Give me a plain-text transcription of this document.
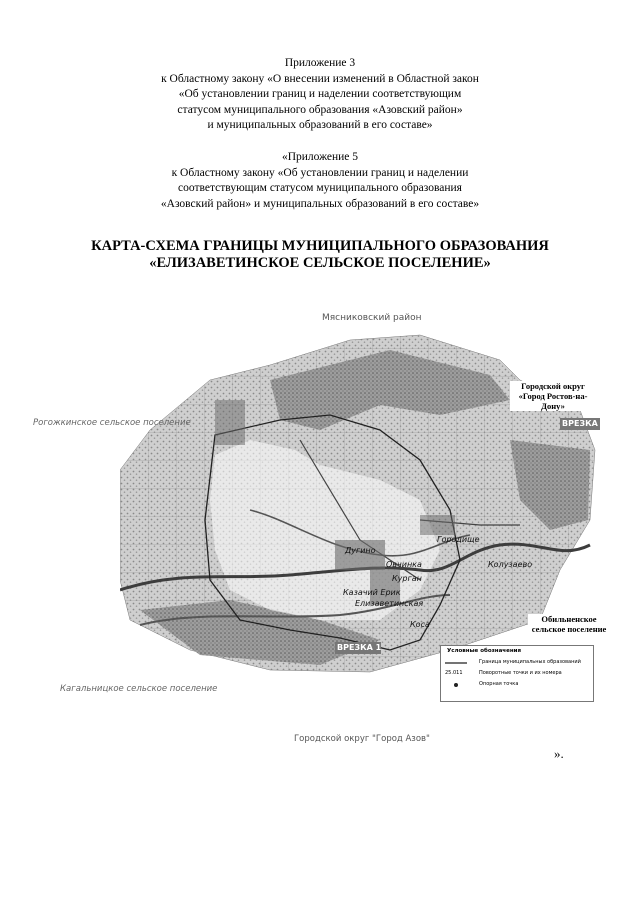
Приложение 3
к Областному закону «О внесении изменений в Областной закон
«Об установлении границ и наделении соответствующим
статусом муниципального образования «Азовский район»
и муниципальных образований в его составе»
«Приложение 5
к Областному закону «Об установлении границ и наделении
соответствующим статусом муниципального образования
«Азовский район» и муниципальных образований в его составе»
КАРТА-СХЕМА ГРАНИЦЫ МУНИЦИПАЛЬНОГО ОБРАЗОВАНИЯ
«ЕЛИЗАВЕТИНСКОЕ СЕЛЬСКОЕ ПОСЕЛЕНИЕ»
Мясниковский район
Рогожкинское сельское поселение
Кагальницкое сельское поселение
Городской округ "Город Азов"
Городской округ «Город Ростов-на-Дону»
Обильненское сельское поселение
Дугино
Овчинка
Курган
Казачий Ерик
Елизаветинская
Коса
Городище
Колузаево
ВРЕЗКА 2
ВРЕЗКА 1	Условные обозначения
Граница муниципальных образований
25.011	Поворотные точки и их номера
Опорная точка
».
